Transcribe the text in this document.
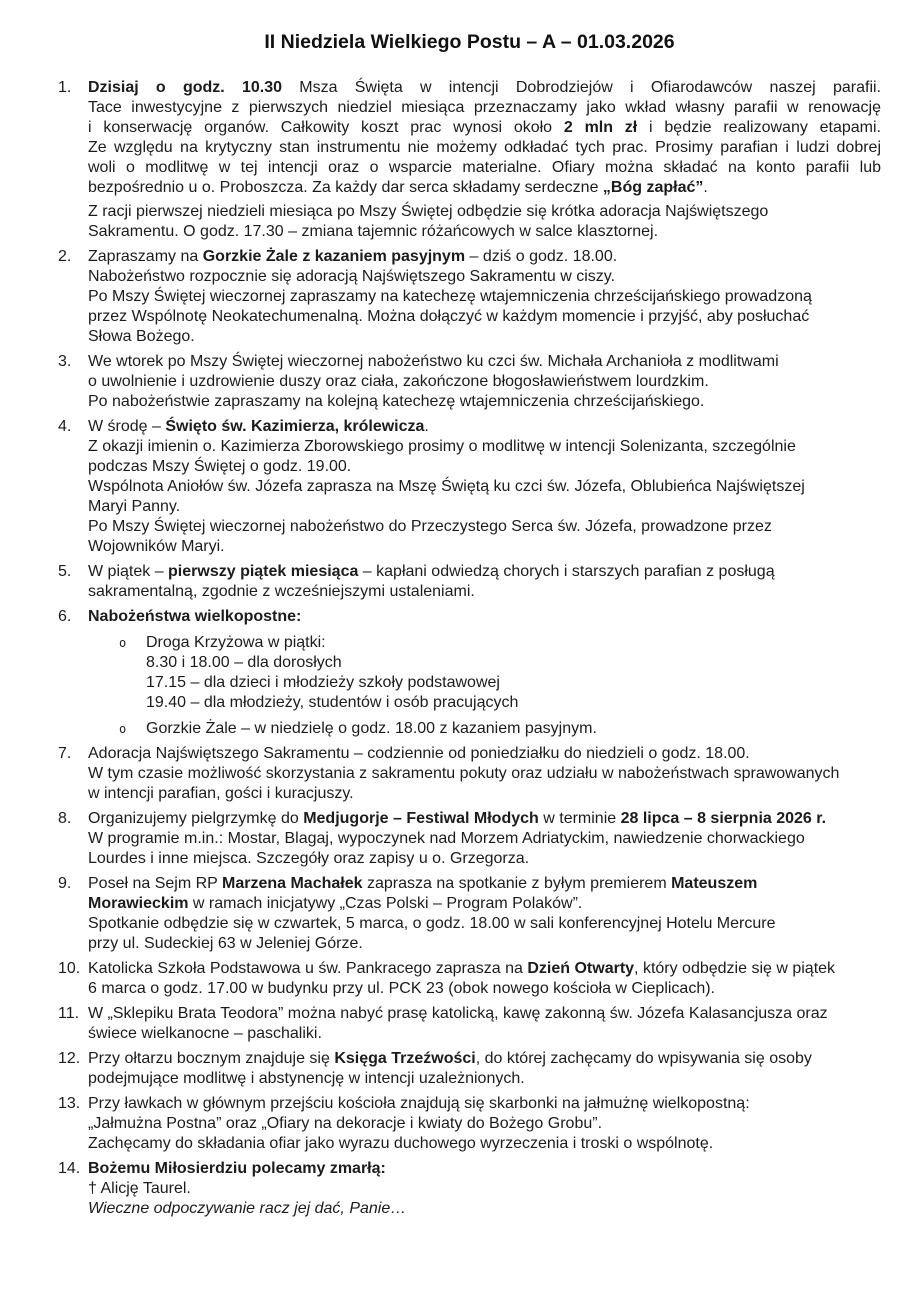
II Niedziela Wielkiego Postu – A – 01.03.2026
1. Dzisiaj o godz. 10.30 Msza Święta w intencji Dobrodziejów i Ofiarodawców naszej parafii.
Tace inwestycyjne z pierwszych niedziel miesiąca przeznaczamy jako wkład własny parafii w renowację
i konserwację organów. Całkowity koszt prac wynosi około 2 mln zł i będzie realizowany etapami.
Ze względu na krytyczny stan instrumentu nie możemy odkładać tych prac. Prosimy parafian i ludzi dobrej
woli o modlitwę w tej intencji oraz o wsparcie materialne. Ofiary można składać na konto parafii lub
bezpośrednio u o. Proboszcza. Za każdy dar serca składamy serdeczne „Bóg zapłać”.
Z racji pierwszej niedzieli miesiąca po Mszy Świętej odbędzie się krótka adoracja Najświętszego
Sakramentu. O godz. 17.30 – zmiana tajemnic różańcowych w salce klasztornej.
2. Zapraszamy na Gorzkie Żale z kazaniem pasyjnym – dziś o godz. 18.00.
Nabożeństwo rozpocznie się adoracją Najświętszego Sakramentu w ciszy.
Po Mszy Świętej wieczornej zapraszamy na katechezę wtajemniczenia chrześcijańskiego prowadzoną
przez Wspólnotę Neokatechumenalną. Można dołączyć w każdym momencie i przyjść, aby posłuchać
Słowa Bożego.
3. We wtorek po Mszy Świętej wieczornej nabożeństwo ku czci św. Michała Archanioła z modlitwami
o uwolnienie i uzdrowienie duszy oraz ciała, zakończone błogosławieństwem lourdzkim.
Po nabożeństwie zapraszamy na kolejną katechezę wtajemniczenia chrześcijańskiego.
4. W środę – Święto św. Kazimierza, królewicza.
Z okazji imienin o. Kazimierza Zborowskiego prosimy o modlitwę w intencji Solenizanta, szczególnie
podczas Mszy Świętej o godz. 19.00.
Wspólnota Aniołów św. Józefa zaprasza na Mszę Świętą ku czci św. Józefa, Oblubieńca Najświętszej
Maryi Panny.
Po Mszy Świętej wieczornej nabożeństwo do Przeczystego Serca św. Józefa, prowadzone przez
Wojowników Maryi.
5. W piątek – pierwszy piątek miesiąca – kapłani odwiedzą chorych i starszych parafian z posługą
sakramentalną, zgodnie z wcześniejszymi ustaleniami.
6. Nabożeństwa wielkopostne:
o Droga Krzyżowa w piątki:
8.30 i 18.00 – dla dorosłych
17.15 – dla dzieci i młodzieży szkoły podstawowej
19.40 – dla młodzieży, studentów i osób pracujących
o Gorzkie Żale – w niedzielę o godz. 18.00 z kazaniem pasyjnym.
7. Adoracja Najświętszego Sakramentu – codziennie od poniedziałku do niedzieli o godz. 18.00.
W tym czasie możliwość skorzystania z sakramentu pokuty oraz udziału w nabożeństwach sprawowanych
w intencji parafian, gości i kuracjuszy.
8. Organizujemy pielgrzymkę do Medjugorje – Festiwal Młodych w terminie 28 lipca – 8 sierpnia 2026 r.
W programie m.in.: Mostar, Blagaj, wypoczynek nad Morzem Adriatyckim, nawiedzenie chorwackiego
Lourdes i inne miejsca. Szczegóły oraz zapisy u o. Grzegorza.
9. Poseł na Sejm RP Marzena Machałek zaprasza na spotkanie z byłym premierem Mateuszem
Morawieckim w ramach inicjatywy „Czas Polski – Program Polaków”.
Spotkanie odbędzie się w czwartek, 5 marca, o godz. 18.00 w sali konferencyjnej Hotelu Mercure
przy ul. Sudeckiej 63 w Jeleniej Górze.
10. Katolicka Szkoła Podstawowa u św. Pankracego zaprasza na Dzień Otwarty, który odbędzie się w piątek
6 marca o godz. 17.00 w budynku przy ul. PCK 23 (obok nowego kościoła w Cieplicach).
11. W „Sklepiku Brata Teodora” można nabyć prasę katolicką, kawę zakonną św. Józefa Kalasancjusza oraz
świece wielkanocne – paschaliki.
12. Przy ołtarzu bocznym znajduje się Księga Trzeźwości, do której zachęcamy do wpisywania się osoby
podejmujące modlitwę i abstynencję w intencji uzależnionych.
13. Przy ławkach w głównym przejściu kościoła znajdują się skarbonki na jałmużnę wielkopostną:
„Jałmużna Postna” oraz „Ofiary na dekoracje i kwiaty do Bożego Grobu”.
Zachęcamy do składania ofiar jako wyrazu duchowego wyrzeczenia i troski o wspólnotę.
14. Bożemu Miłosierdziu polecamy zmarłą:
† Alicję Taurel.
Wieczne odpoczywanie racz jej dać, Panie…
